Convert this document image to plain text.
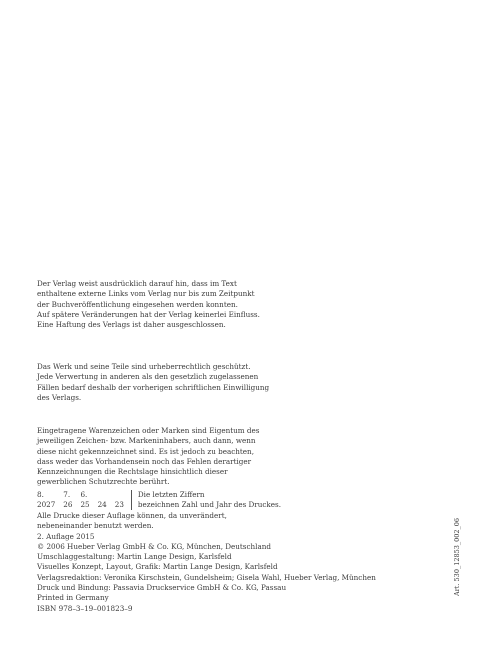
Der Verlag weist ausdrücklich darauf hin, dass im Text

enthaltene externe Links vom Verlag nur bis zum Zeitpunkt

der Buchveröffentlichung eingesehen werden konnten.

Auf spätere Veränderungen hat der Verlag keinerlei Einfluss.

Eine Haftung des Verlags ist daher ausgeschlossen.

Das Werk und seine Teile sind urheberrechtlich geschützt.

Jede Verwertung in anderen als den gesetzlich zugelassenen

Fällen bedarf deshalb der vorherigen schriftlichen Einwilligung

des Verlags.

Eingetragene Warenzeichen oder Marken sind Eigentum des

jeweiligen Zeichen- bzw. Markeninhabers, auch dann, wenn

diese nicht gekennzeichnet sind. Es ist jedoch zu beachten,

dass weder das Vorhandensein noch das Fehlen derartiger

Kennzeichnungen die Rechtslage hinsichtlich dieser

gewerblichen Schutzrechte berührt.

8.	7.	6.
2027 26 25 24 23
Die letzten Ziffern
bezeichnen Zahl und Jahr des Druckes.

Alle Drucke dieser Auflage können, da unverändert,

nebeneinander benutzt werden.

2. Auflage 2015

© 2006 Hueber Verlag GmbH & Co. KG, München, Deutschland

Umschlaggestaltung: Martin Lange Design, Karlsfeld

Visuelles Konzept, Layout, Grafik: Martin Lange Design, Karlsfeld

Verlagsredaktion: Veronika Kirschstein, Gundelsheim; Gisela Wahl, Hueber Verlag, München

Druck und Bindung: Passavia Druckservice GmbH & Co. KG, Passau

Printed in Germany

ISBN 978–3–19–001823–9

Art. 530_12853_002_06
